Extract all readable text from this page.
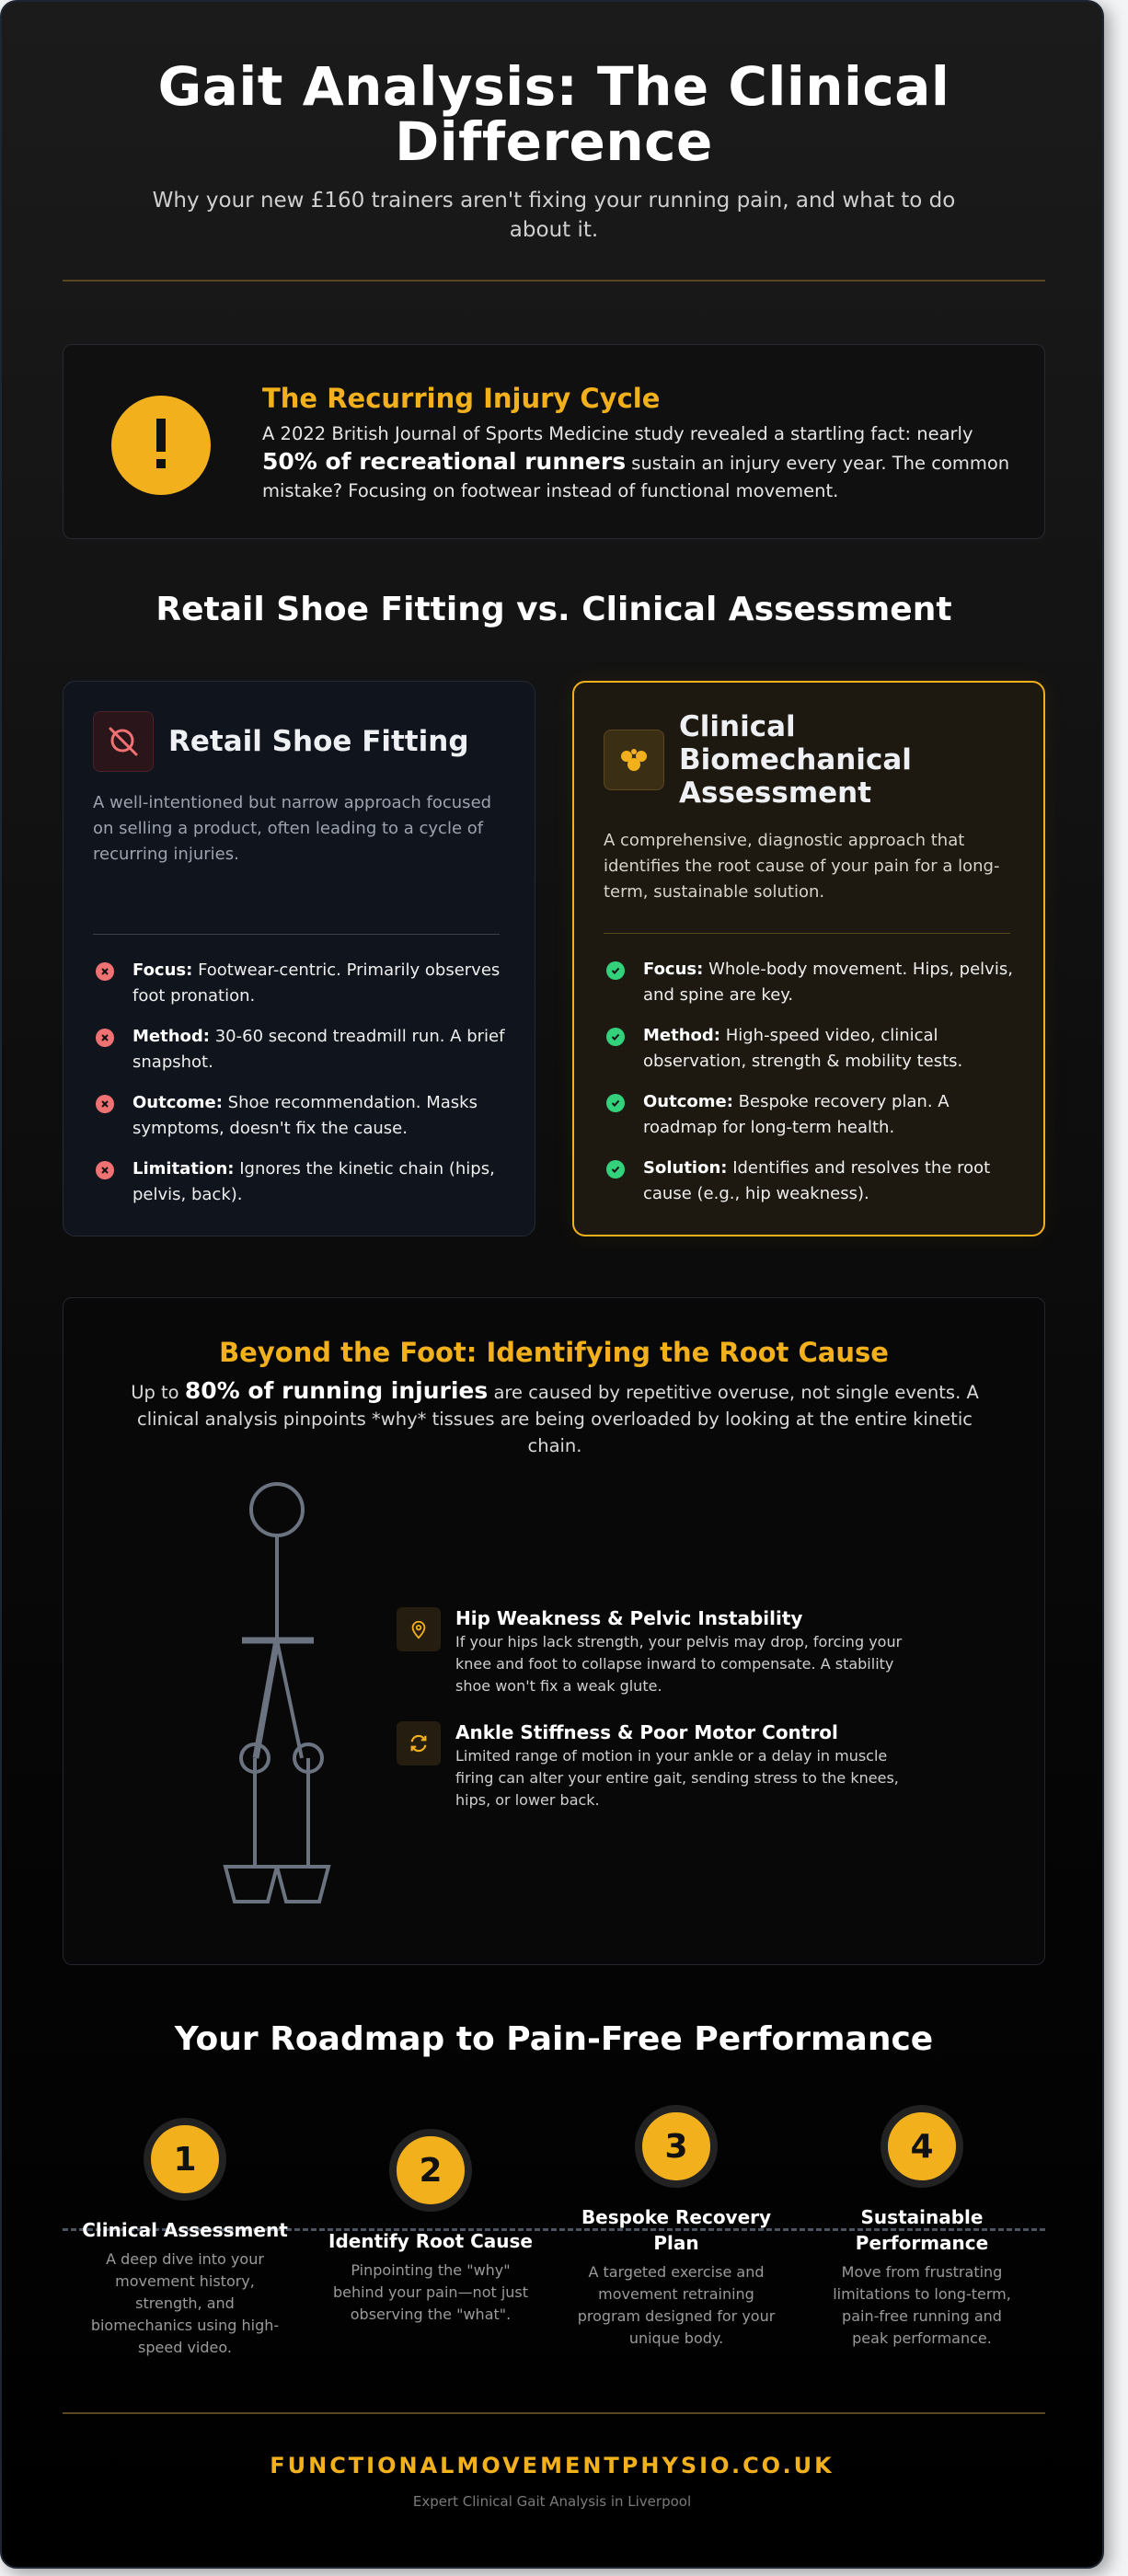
Gait Analysis: The Clinical Difference

Why your new £160 trainers aren't fixing your running pain, and what to do about it.

The Recurring Injury Cycle
A 2022 British Journal of Sports Medicine study revealed a startling fact: nearly 50% of recreational runners sustain an injury every year. The common mistake? Focusing on footwear instead of functional movement.
Retail Shoe Fitting vs. Clinical Assessment
Retail Shoe Fitting
A well-intentioned but narrow approach focused on selling a product, often leading to a cycle of recurring injuries.
Focus: Footwear-centric. Primarily observes foot pronation.
Method: 30-60 second treadmill run. A brief snapshot.
Outcome: Shoe recommendation. Masks symptoms, doesn't fix the cause.
Limitation: Ignores the kinetic chain (hips, pelvis, back).
Clinical Biomechanical Assessment
A comprehensive, diagnostic approach that identifies the root cause of your pain for a long-term, sustainable solution.
Focus: Whole-body movement. Hips, pelvis, and spine are key.
Method: High-speed video, clinical observation, strength & mobility tests.
Outcome: Bespoke recovery plan. A roadmap for long-term health.
Solution: Identifies and resolves the root cause (e.g., hip weakness).
Beyond the Foot: Identifying the Root Cause
Up to 80% of running injuries are caused by repetitive overuse, not single events. A clinical analysis pinpoints *why* tissues are being overloaded by looking at the entire kinetic chain.
Hip Weakness & Pelvic Instability
If your hips lack strength, your pelvis may drop, forcing your knee and foot to collapse inward to compensate. A stability shoe won't fix a weak glute.
Ankle Stiffness & Poor Motor Control
Limited range of motion in your ankle or a delay in muscle firing can alter your entire gait, sending stress to the knees, hips, or lower back.
Your Roadmap to Pain-Free Performance
1
Clinical Assessment
A deep dive into your movement history, strength, and biomechanics using high-speed video.
2
Identify Root Cause
Pinpointing the "why" behind your pain—not just observing the "what".
3
Bespoke Recovery Plan
A targeted exercise and movement retraining program designed for your unique body.
4
Sustainable Performance
Move from frustrating limitations to long-term, pain-free running and peak performance.
FUNCTIONALMOVEMENTPHYSIO.CO.UK
Expert Clinical Gait Analysis in Liverpool
